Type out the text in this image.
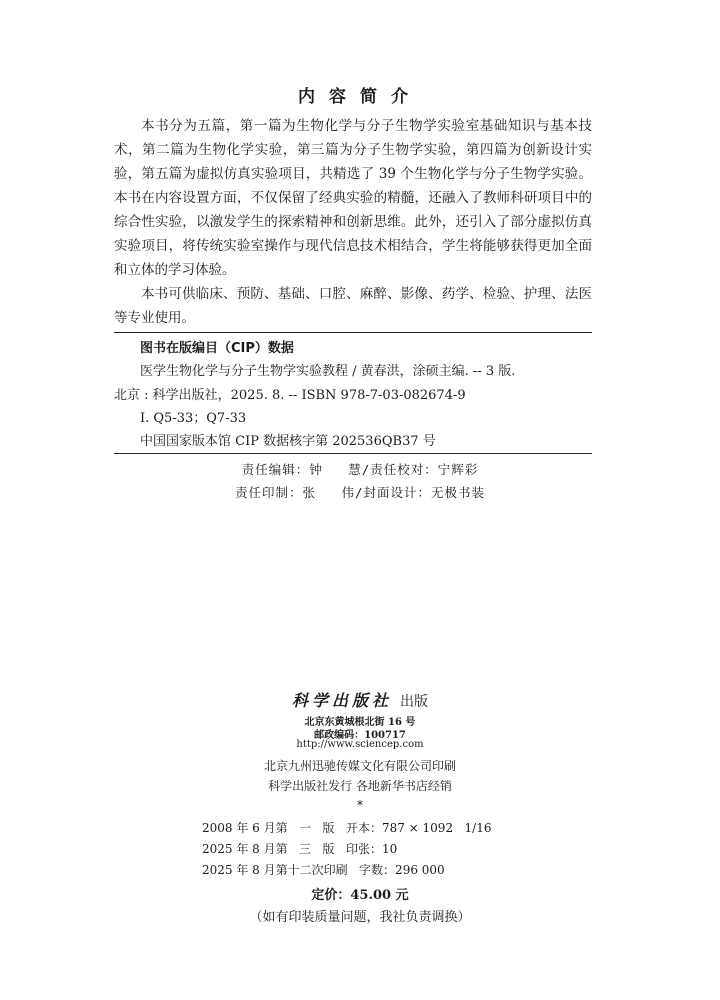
内容简介

本书分为五篇，第一篇为生物化学与分子生物学实验室基础知识与基本技术，第二篇为生物化学实验，第三篇为分子生物学实验，第四篇为创新设计实验，第五篇为虚拟仿真实验项目，共精选了 39 个生物化学与分子生物学实验。本书在内容设置方面，不仅保留了经典实验的精髓，还融入了教师科研项目中的综合性实验，以激发学生的探索精神和创新思维。此外，还引入了部分虚拟仿真实验项目，将传统实验室操作与现代信息技术相结合，学生将能够获得更加全面和立体的学习体验。

本书可供临床、预防、基础、口腔、麻醉、影像、药学、检验、护理、法医等专业使用。

图书在版编目（CIP）数据
医学生物化学与分子生物学实验教程 / 黄春洪，涂硕主编. -- 3 版.
北京 : 科学出版社，2025. 8. -- ISBN 978-7-03-082674-9
Ⅰ. Q5-33；Q7-33
中国国家版本馆 CIP 数据核字第 202536QB37 号
责任编辑：钟   慧/责任校对：宁辉彩
责任印制：张   伟/封面设计：无极书装
科学出版社 出版
北京东黄城根北街 16 号
邮政编码：100717
http://www.sciencep.com
北京九州迅驰传媒文化有限公司印刷
科学出版社发行 各地新华书店经销
*
2008 年 6 月第   一   版   开本：787 × 1092   1/16
2025 年 8 月第   三   版   印张：10
2025 年 8 月第十二次印刷   字数：296 000
定价：45.00 元
（如有印装质量问题，我社负责调换）
